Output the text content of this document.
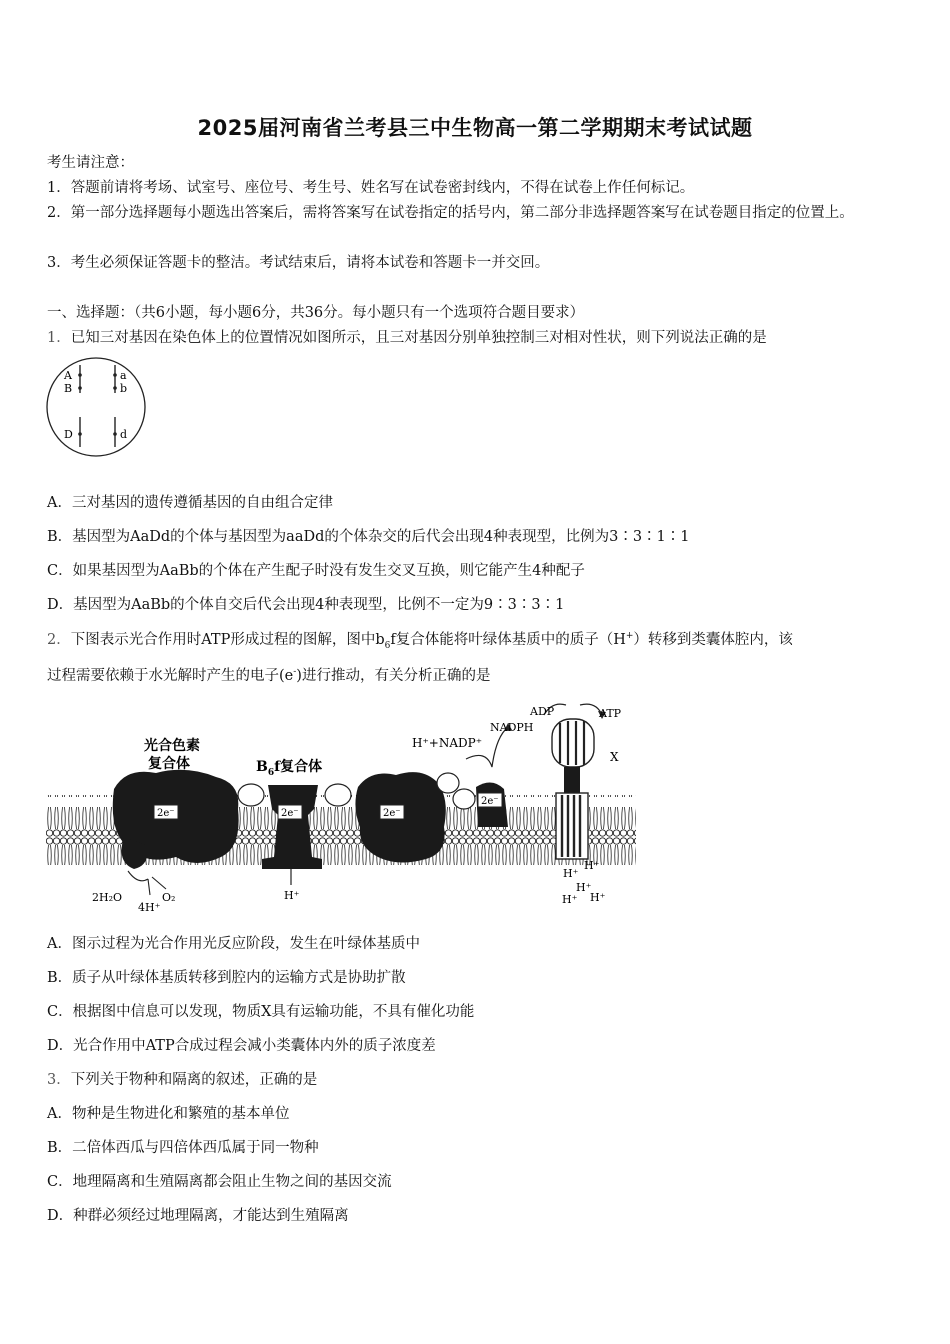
2025届河南省兰考县三中生物高一第二学期期末考试试题
考生请注意：
1．答题前请将考场、试室号、座位号、考生号、姓名写在试卷密封线内，不得在试卷上作任何标记。
2．第一部分选择题每小题选出答案后，需将答案写在试卷指定的括号内，第二部分非选择题答案写在试卷题目指定的位置上。
3．考生必须保证答题卡的整洁。考试结束后，请将本试卷和答题卡一并交回。
一、选择题：（共6小题，每小题6分，共36分。每小题只有一个选项符合题目要求）
1．已知三对基因在染色体上的位置情况如图所示，且三对基因分别单独控制三对相对性状，则下列说法正确的是
A
B
D
a
b
d
A．三对基因的遗传遵循基因的自由组合定律
B．基因型为AaDd的个体与基因型为aaDd的个体杂交的后代会出现4种表现型，比例为3∶3∶1∶1
C．如果基因型为AaBb的个体在产生配子时没有发生交叉互换，则它能产生4种配子
D．基因型为AaBb的个体自交后代会出现4种表现型，比例不一定为9∶3∶3∶1
2．下图表示光合作用时ATP形成过程的图解，图中$b_6f$复合体能将叶绿体基质中的质子（H+）转移到类囊体腔内，该
过程需要依赖于水光解时产生的电子(e-)进行推动，有关分析正确的是
2e⁻
光合色素
复合体
2e⁻
$B_6f$复合体
H⁺
2e⁻
2e⁻
H⁺+NADP⁺
NADPH
ADP	ATP
X
H⁺
H⁺
H⁺
H⁺ H⁺
2H₂O	O₂
4H⁺
A．图示过程为光合作用光反应阶段，发生在叶绿体基质中
B．质子从叶绿体基质转移到腔内的运输方式是协助扩散
C．根据图中信息可以发现，物质X具有运输功能，不具有催化功能
D．光合作用中ATP合成过程会减小类囊体内外的质子浓度差
3．下列关于物种和隔离的叙述，正确的是
A．物种是生物进化和繁殖的基本单位
B．二倍体西瓜与四倍体西瓜属于同一物种
C．地理隔离和生殖隔离都会阻止生物之间的基因交流
D．种群必须经过地理隔离，才能达到生殖隔离
